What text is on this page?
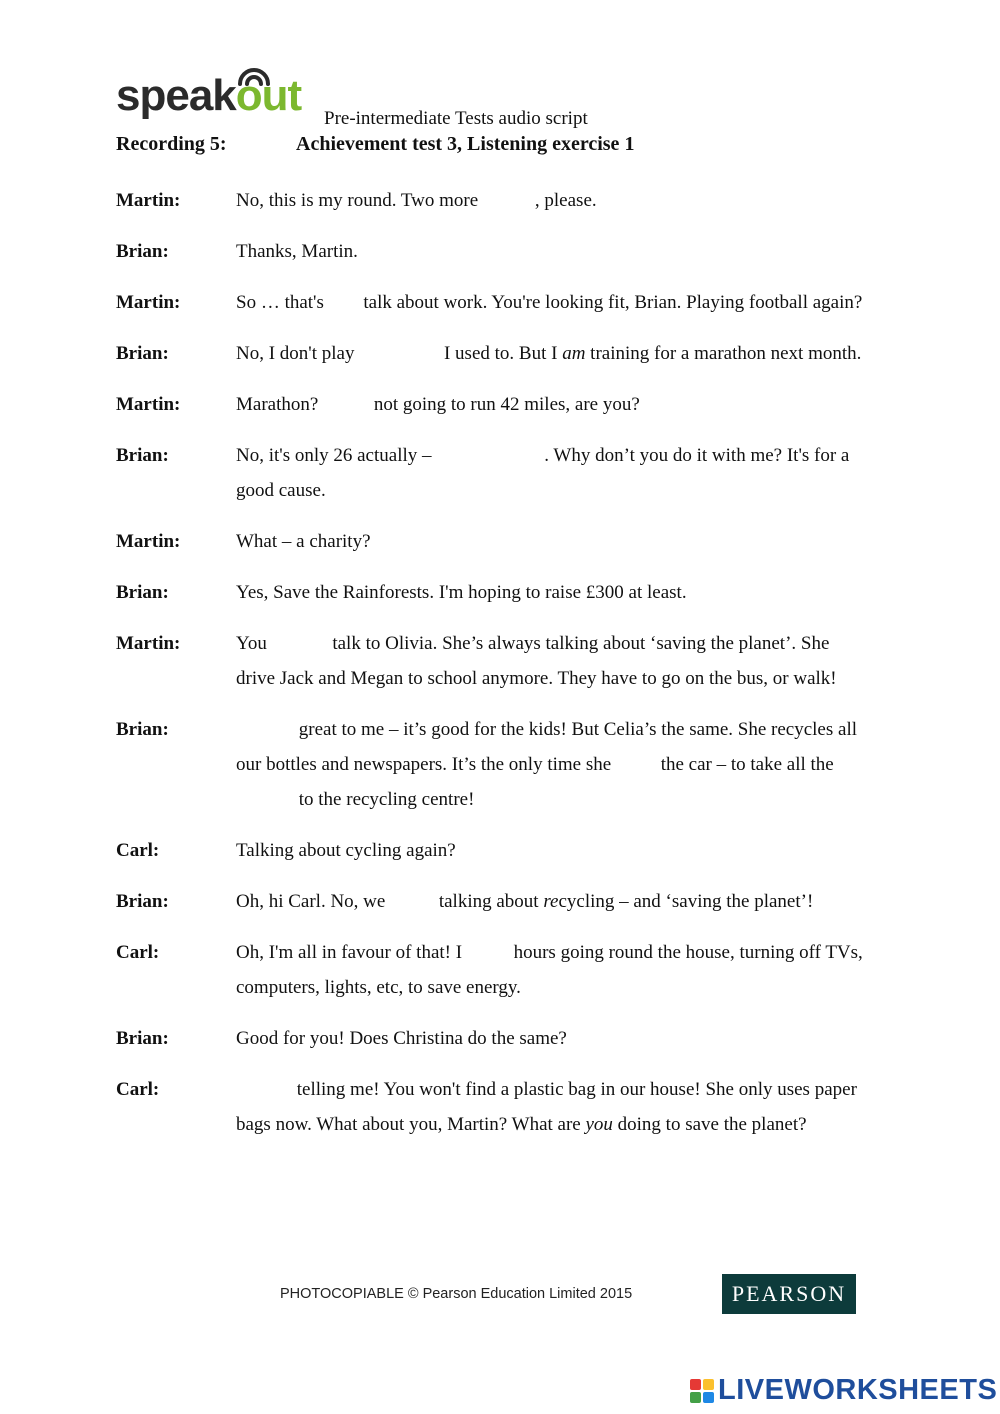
speakout Pre-intermediate Tests audio script
Recording 5:	Achievement test 3, Listening exercise 1
Martin:	No, this is my round. Two more	, please.
Brian:	Thanks, Martin.
Martin:	So … that's  talk about work. You're looking fit, Brian. Playing football again?
Brian:	No, I don't play	I used to. But I am training for a marathon next month.
Martin:	Marathon?  not going to run 42 miles, are you?
Brian:	No, it's only 26 actually –	. Why don’t you do it with me? It's for a good cause.
Martin:	What – a charity?
Brian:	Yes, Save the Rainforests. I'm hoping to raise £300 at least.
Martin:	You	talk to Olivia. She’s always talking about ‘saving the planet’. She  drive Jack and Megan to school anymore. They have to go on the bus, or walk!
Brian:	great to me – it’s good for the kids! But Celia’s the same. She recycles all our bottles and newspapers. It’s the only time she  the car – to take all the  to the recycling centre!
Carl:	Talking about cycling again?
Brian:	Oh, hi Carl. No, we  talking about recycling – and ‘saving the planet’!
Carl:	Oh, I'm all in favour of that! I  hours going round the house, turning off TVs, computers, lights, etc, to save energy.
Brian:	Good for you! Does Christina do the same?
Carl:	telling me! You won't find a plastic bag in our house! She only uses paper bags now. What about you, Martin? What are you doing to save the planet?
PHOTOCOPIABLE © Pearson Education Limited 2015	PEARSON
LIVEWORKSHEETS
